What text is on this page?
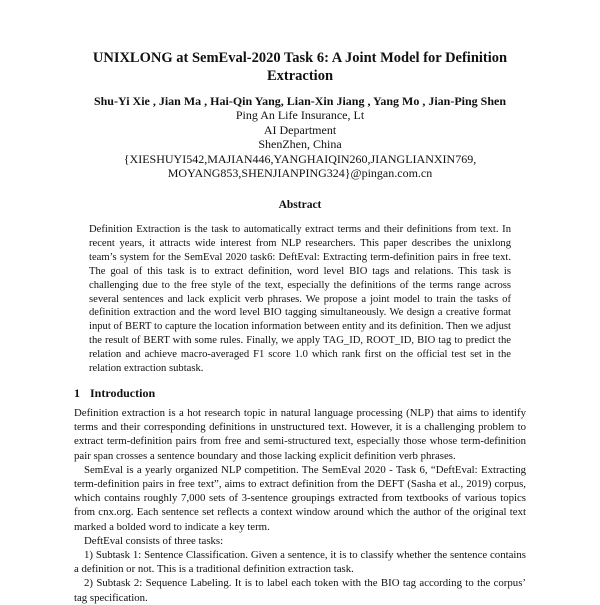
UNIXLONG at SemEval-2020 Task 6: A Joint Model for Definition Extraction
Shu-Yi Xie , Jian Ma , Hai-Qin Yang, Lian-Xin Jiang , Yang Mo , Jian-Ping Shen
Ping An Life Insurance, Lt
AI Department
ShenZhen, China
{XIESHUYI542,MAJIAN446,YANGHAIQIN260,JIANGLIANXIN769,
MOYANG853,SHENJIANPING324}@pingan.com.cn
Abstract

Definition Extraction is the task to automatically extract terms and their definitions from text. In recent years, it attracts wide interest from NLP researchers. This paper describes the unixlong team’s system for the SemEval 2020 task6: DeftEval: Extracting term-definition pairs in free text. The goal of this task is to extract definition, word level BIO tags and relations. This task is challenging due to the free style of the text, especially the definitions of the terms range across several sentences and lack explicit verb phrases. We propose a joint model to train the tasks of definition extraction and the word level BIO tagging simultaneously. We design a creative format input of BERT to capture the location information between entity and its definition. Then we adjust the result of BERT with some rules. Finally, we apply TAG_ID, ROOT_ID, BIO tag to predict the relation and achieve macro-averaged F1 score 1.0 which rank first on the official test set in the relation extraction subtask.

1 Introduction

Definition extraction is a hot research topic in natural language processing (NLP) that aims to identify terms and their corresponding definitions in unstructured text. However, it is a challenging problem to extract term-definition pairs from free and semi-structured text, especially those whose term-definition pair span crosses a sentence boundary and those lacking explicit definition verb phrases.

SemEval is a yearly organized NLP competition. The SemEval 2020 - Task 6, “DeftEval: Extracting term-definition pairs in free text”, aims to extract definition from the DEFT (Sasha et al., 2019) corpus, which contains roughly 7,000 sets of 3-sentence groupings extracted from textbooks of various topics from cnx.org. Each sentence set reflects a context window around which the author of the original text marked a bolded word to indicate a key term.

DeftEval consists of three tasks:

1) Subtask 1: Sentence Classification. Given a sentence, it is to classify whether the sentence contains a definition or not. This is a traditional definition extraction task.

2) Subtask 2: Sequence Labeling. It is to label each token with the BIO tag according to the corpus’ tag specification.
